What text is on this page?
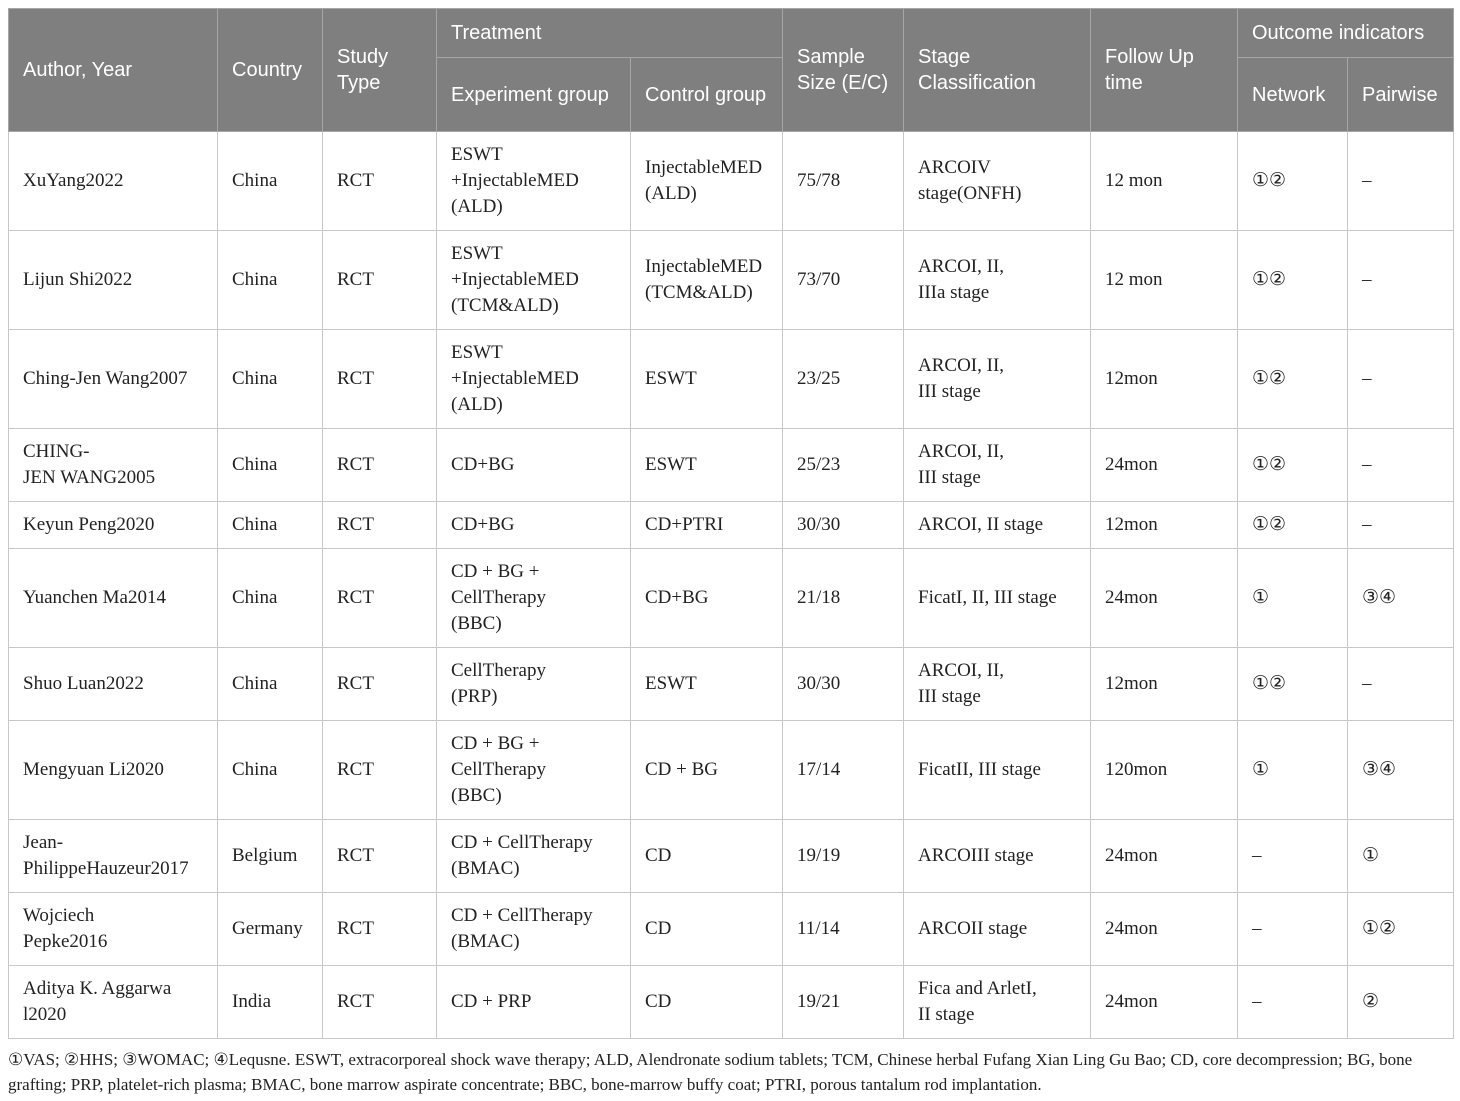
Author, Year	Country	Study Type	Treatment		Sample Size (E/C)	Stage Classification	Follow Up time	Outcome indicators	
			Experiment group	Control group				Network	Pairwise

XuYang2022	China	RCT	ESWT
+InjectableMED
(ALD)	InjectableMED
(ALD)	75/78	ARCOIV
stage(ONFH)	12 mon	①②	–

Lijun Shi2022	China	RCT	ESWT
+InjectableMED
(TCM&ALD)	InjectableMED
(TCM&ALD)	73/70	ARCOI, II,
IIIa stage	12 mon	①②	–

Ching-Jen Wang2007	China	RCT	ESWT
+InjectableMED
(ALD)	ESWT	23/25	ARCOI, II,
III stage	12mon	①②	–

CHING-
JEN WANG2005	China	RCT	CD+BG	ESWT	25/23	ARCOI, II,
III stage	24mon	①②	–

Keyun Peng2020	China	RCT	CD+BG	CD+PTRI	30/30	ARCOI, II stage	12mon	①②	–

Yuanchen Ma2014	China	RCT	CD + BG +
CellTherapy
(BBC)	CD+BG	21/18	FicatI, II, III stage	24mon	①	③④

Shuo Luan2022	China	RCT	CellTherapy
(PRP)	ESWT	30/30	ARCOI, II,
III stage	12mon	①②	–

Mengyuan Li2020	China	RCT	CD + BG +
CellTherapy
(BBC)	CD + BG	17/14	FicatII, III stage	120mon	①	③④

Jean-
PhilippeHauzeur2017	Belgium	RCT	CD + CellTherapy
(BMAC)	CD	19/19	ARCOIII stage	24mon	–	①

Wojciech
Pepke2016	Germany	RCT	CD + CellTherapy
(BMAC)	CD	11/14	ARCOII stage	24mon	–	①②

Aditya K. Aggarwa
l2020	India	RCT	CD + PRP	CD	19/21	Fica and ArletI,
II stage	24mon	–	②

①VAS; ②HHS; ③WOMAC; ④Lequsne. ESWT, extracorporeal shock wave therapy; ALD, Alendronate sodium tablets; TCM, Chinese herbal Fufang Xian Ling Gu Bao; CD, core decompression; BG, bone grafting; PRP, platelet-rich plasma; BMAC, bone marrow aspirate concentrate; BBC, bone-marrow buffy coat; PTRI, porous tantalum rod implantation.
